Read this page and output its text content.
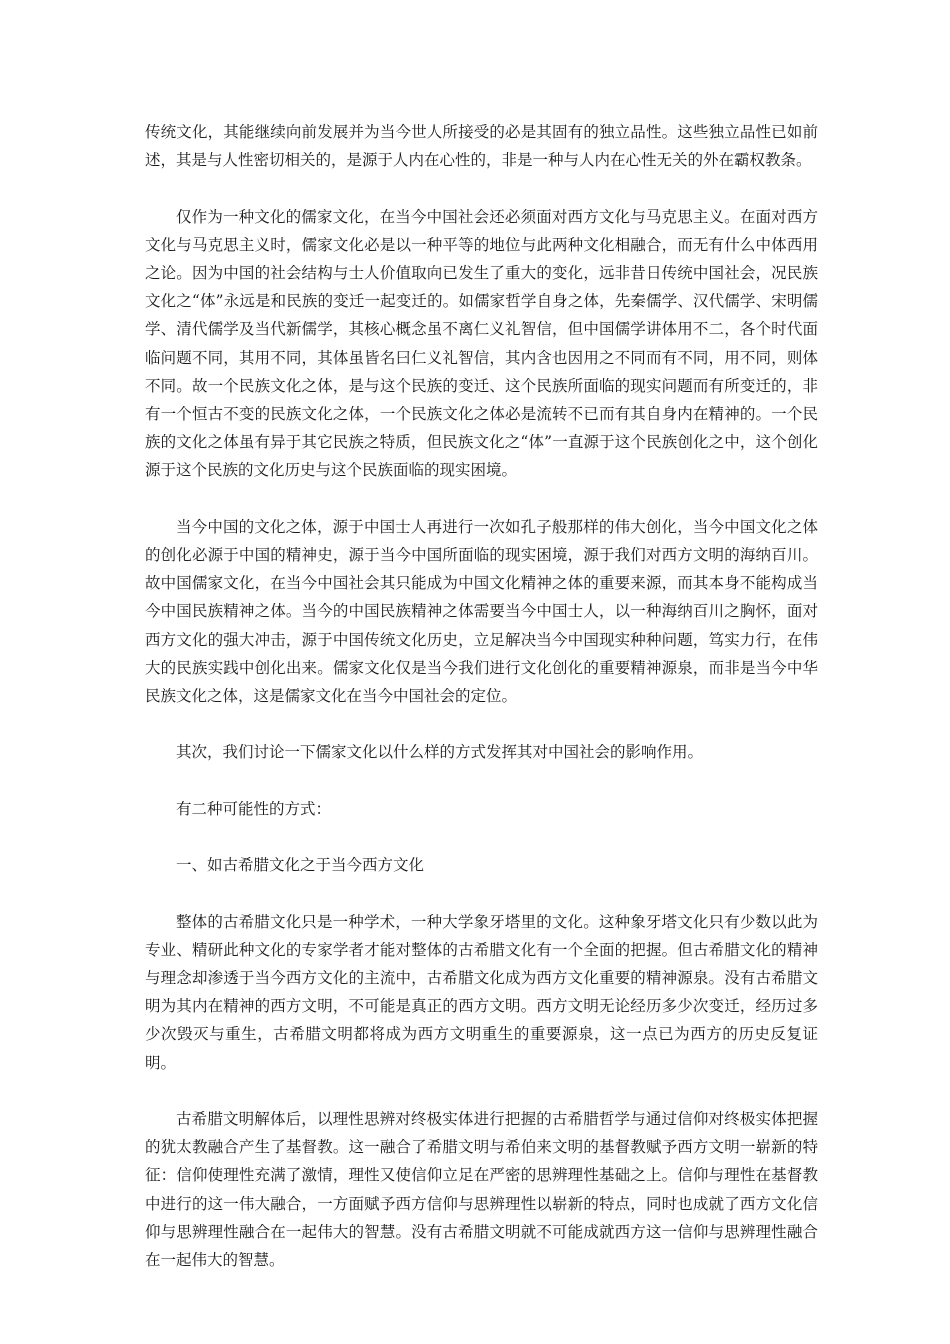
传统文化，其能继续向前发展并为当今世人所接受的必是其固有的独立品性。这些独立品性已如前述，其是与人性密切相关的，是源于人内在心性的，非是一种与人内在心性无关的外在霸权教条。

仅作为一种文化的儒家文化，在当今中国社会还必须面对西方文化与马克思主义。在面对西方文化与马克思主义时，儒家文化必是以一种平等的地位与此两种文化相融合，而无有什么中体西用之论。因为中国的社会结构与士人价值取向已发生了重大的变化，远非昔日传统中国社会，况民族文化之“体”永远是和民族的变迁一起变迁的。如儒家哲学自身之体，先秦儒学、汉代儒学、宋明儒学、清代儒学及当代新儒学，其核心概念虽不离仁义礼智信，但中国儒学讲体用不二，各个时代面临问题不同，其用不同，其体虽皆名曰仁义礼智信，其内含也因用之不同而有不同，用不同，则体不同。故一个民族文化之体，是与这个民族的变迁、这个民族所面临的现实问题而有所变迁的，非有一个恒古不变的民族文化之体，一个民族文化之体必是流转不已而有其自身内在精神的。一个民族的文化之体虽有异于其它民族之特质，但民族文化之“体”一直源于这个民族创化之中，这个创化源于这个民族的文化历史与这个民族面临的现实困境。

当今中国的文化之体，源于中国士人再进行一次如孔子般那样的伟大创化，当今中国文化之体的创化必源于中国的精神史，源于当今中国所面临的现实困境，源于我们对西方文明的海纳百川。故中国儒家文化，在当今中国社会其只能成为中国文化精神之体的重要来源，而其本身不能构成当今中国民族精神之体。当今的中国民族精神之体需要当今中国士人，以一种海纳百川之胸怀，面对西方文化的强大冲击，源于中国传统文化历史，立足解决当今中国现实种种问题，笃实力行，在伟大的民族实践中创化出来。儒家文化仅是当今我们进行文化创化的重要精神源泉，而非是当今中华民族文化之体，这是儒家文化在当今中国社会的定位。

其次，我们讨论一下儒家文化以什么样的方式发挥其对中国社会的影响作用。

有二种可能性的方式：

一、如古希腊文化之于当今西方文化

整体的古希腊文化只是一种学术，一种大学象牙塔里的文化。这种象牙塔文化只有少数以此为专业、精研此种文化的专家学者才能对整体的古希腊文化有一个全面的把握。但古希腊文化的精神与理念却渗透于当今西方文化的主流中，古希腊文化成为西方文化重要的精神源泉。没有古希腊文明为其内在精神的西方文明，不可能是真正的西方文明。西方文明无论经历多少次变迁，经历过多少次毁灭与重生，古希腊文明都将成为西方文明重生的重要源泉，这一点已为西方的历史反复证明。

古希腊文明解体后，以理性思辨对终极实体进行把握的古希腊哲学与通过信仰对终极实体把握的犹太教融合产生了基督教。这一融合了希腊文明与希伯来文明的基督教赋予西方文明一崭新的特征：信仰使理性充满了激情，理性又使信仰立足在严密的思辨理性基础之上。信仰与理性在基督教中进行的这一伟大融合，一方面赋予西方信仰与思辨理性以崭新的特点，同时也成就了西方文化信仰与思辨理性融合在一起伟大的智慧。没有古希腊文明就不可能成就西方这一信仰与思辨理性融合在一起伟大的智慧。
